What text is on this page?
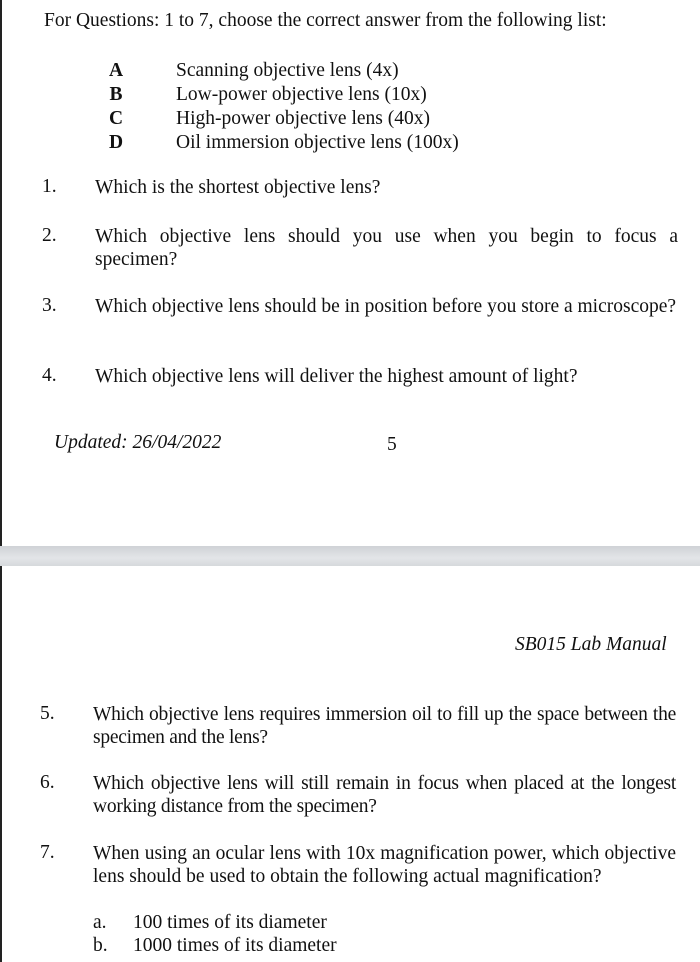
For Questions: 1 to 7, choose the correct answer from the following list:
A	Scanning objective lens (4x)
B	Low-power objective lens (10x)
C	High-power objective lens (40x)
D	Oil immersion objective lens (100x)
1. Which is the shortest objective lens?
2. Which objective lens should you use when you begin to focus a specimen?
3. Which objective lens should be in position before you store a microscope?
4. Which objective lens will deliver the highest amount of light?
Updated: 26/04/2022	5
SB015 Lab Manual
5. Which objective lens requires immersion oil to fill up the space between the specimen and the lens?
6. Which objective lens will still remain in focus when placed at the longest working distance from the specimen?
7. When using an ocular lens with 10x magnification power, which objective lens should be used to obtain the following actual magnification?
a. 100 times of its diameter
b. 1000 times of its diameter
